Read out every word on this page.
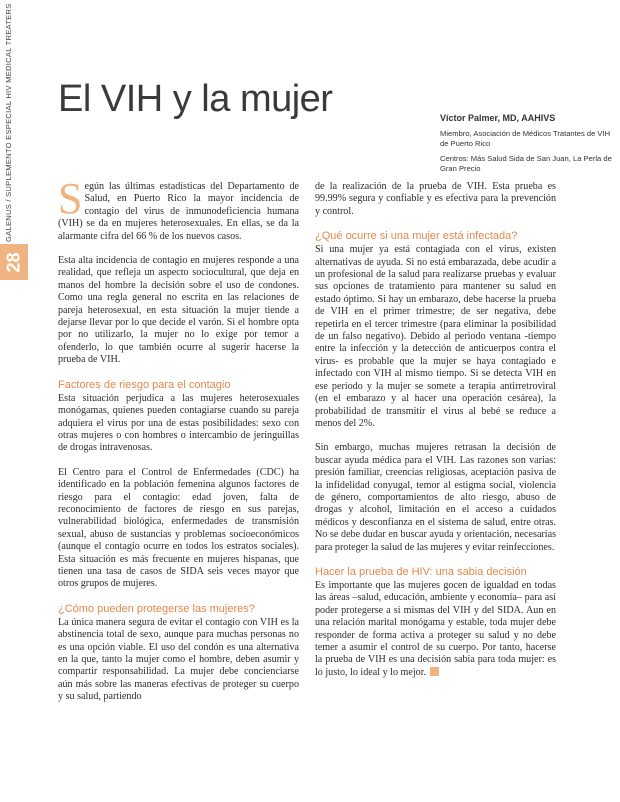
GALENUS / SUPLEMENTO ESPECIAL HIV MEDICAL TREATERS
28
El VIH y la mujer	Víctor Palmer, MD, AAHIVS

Miembro, Asociación de Médicos Tratantes de VIH de Puerto Rico

Centros: Más Salud Sida de San Juan, La Perla de Gran Precio

Según las últimas estadísticas del Departamento de Salud, en Puerto Rico la mayor incidencia de contagio del virus de inmunodeficiencia humana (VIH) se da en mujeres heterosexuales. En ellas, se da la alarmante cifra del 66 % de los nuevos casos.

Esta alta incidencia de contagio en mujeres responde a una realidad, que refleja un aspecto sociocultural, que deja en manos del hombre la decisión sobre el uso de condones. Como una regla general no escrita en las relaciones de pareja heterosexual, en esta situación la mujer tiende a dejarse llevar por lo que decide el varón. Si el hombre opta por no utilizarlo, la mujer no lo exige por temor a ofenderlo, lo que también ocurre al sugerir hacerse la prueba de VIH.

Factores de riesgo para el contagio

Esta situación perjudica a las mujeres heterosexuales monógamas, quienes pueden contagiarse cuando su pareja adquiera el virus por una de estas posibilidades: sexo con otras mujeres o con hombres o intercambio de jeringuillas de drogas intravenosas.

El Centro para el Control de Enfermedades (CDC) ha identificado en la población femenina algunos factores de riesgo para el contagio: edad joven, falta de reconocimiento de factores de riesgo en sus parejas, vulnerabilidad biológica, enfermedades de transmisión sexual, abuso de sustancias y problemas socioeconómicos (aunque el contagio ocurre en todos los estratos sociales). Esta situación es más frecuente en mujeres hispanas, que tienen una tasa de casos de SIDA seis veces mayor que otros grupos de mujeres.

¿Cómo pueden protegerse las mujeres?

La única manera segura de evitar el contagio con VIH es la abstinencia total de sexo, aunque para muchas personas no es una opción viable. El uso del condón es una alternativa en la que, tanto la mujer como el hombre, deben asumir y compartir responsabilidad. La mujer debe concienciarse aún más sobre las maneras efectivas de proteger su cuerpo y su salud, partiendo

de la realización de la prueba de VIH. Esta prueba es 99.99% segura y confiable y es efectiva para la prevención y control.

¿Qué ocurre si una mujer está infectada?

Si una mujer ya está contagiada con el virus, existen alternativas de ayuda. Si no está embarazada, debe acudir a un profesional de la salud para realizarse pruebas y evaluar sus opciones de tratamiento para mantener su salud en estado óptimo. Si hay un embarazo, debe hacerse la prueba de VIH en el primer trimestre; de ser negativa, debe repetirla en el tercer trimestre (para eliminar la posibilidad de un falso negativo). Debido al periodo ventana -tiempo entre la infección y la detección de anticuerpos contra el virus- es probable que la mujer se haya contagiado e infectado con VIH al mismo tiempo. Si se detecta VIH en ese período y la mujer se somete a terapia antirretroviral (en el embarazo y al hacer una operación cesárea), la probabilidad de transmitir el virus al bebé se reduce a menos del 2%.

Sin embargo, muchas mujeres retrasan la decisión de buscar ayuda médica para el VIH. Las razones son varias: presión familiar, creencias religiosas, aceptación pasiva de la infidelidad conyugal, temor al estigma social, violencia de género, comportamientos de alto riesgo, abuso de drogas y alcohol, limitación en el acceso a cuidados médicos y desconfianza en el sistema de salud, entre otras. No se debe dudar en buscar ayuda y orientación, necesarias para proteger la salud de las mujeres y evitar reinfecciones.

Hacer la prueba de HIV: una sabia decisión

Es importante que las mujeres gocen de igualdad en todas las áreas –salud, educación, ambiente y economía– para así poder protegerse a sí mismas del VIH y del SIDA. Aun en una relación marital monógama y estable, toda mujer debe responder de forma activa a proteger su salud y no debe temer a asumir el control de su cuerpo. Por tanto, hacerse la prueba de VIH es una decisión sabia para toda mujer: es lo justo, lo ideal y lo mejor.
